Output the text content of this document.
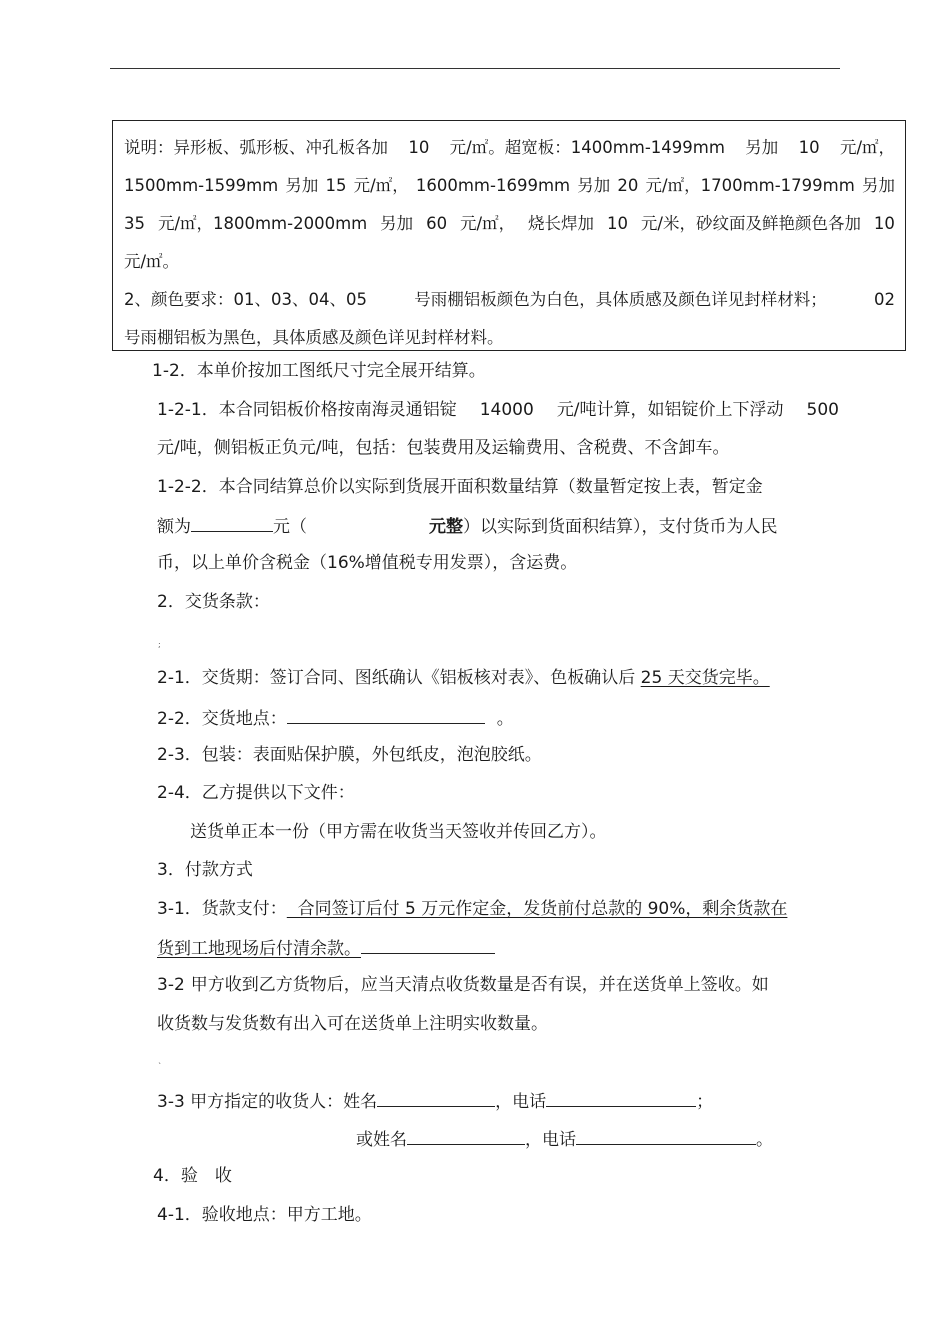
说明：异形板、弧形板、冲孔板各加 10 元/㎡。超宽板：1400mm-1499mm 另加 10 元/㎡，
1500mm-1599mm 另加 15 元/㎡， 1600mm-1699mm 另加 20 元/㎡，1700mm-1799mm 另加
35 元/㎡，1800mm-2000mm 另加 60 元/㎡， 烧长焊加 10 元/米，砂纹面及鲜艳颜色各加 10
元/㎡。
2、颜色要求：01、03、04、05	号雨棚铝板颜色为白色，具体质感及颜色详见封样材料；	02
号雨棚铝板为黑色，具体质感及颜色详见封样材料。
1-2．本单价按加工图纸尺寸完全展开结算。
1-2-1．本合同铝板价格按南海灵通铝锭 14000 元/吨计算，如铝锭价上下浮动 500
元/吨，侧铝板正负元/吨，包括：包装费用及运输费用、含税费、不含卸车。
1-2-2．本合同结算总价以实际到货展开面积数量结算（数量暂定按上表，暂定金
额为	元（	元整）以实际到货面积结算），支付货币为人民
币，以上单价含税金（16%增值税专用发票），含运费。
2．交货条款：
;
2-1．交货期：签订合同、图纸确认《铝板核对表》、色板确认后 25 天交货完毕。
2-2．交货地点：	。
2-3．包装：表面贴保护膜，外包纸皮，泡泡胶纸。
2-4．乙方提供以下文件：
送货单正本一份（甲方需在收货当天签收并传回乙方）。
3．付款方式
3-1．货款支付：  合同签订后付 5 万元作定金，发货前付总款的 90%，剩余货款在
货到工地现场后付清余款。
3-2 甲方收到乙方货物后，应当天清点收货数量是否有误，并在送货单上签收。如
收货数与发货数有出入可在送货单上注明实收数量。
`
3-3 甲方指定的收货人：姓名	，电话	；
或姓名	，电话	。
4．验　收
4-1．验收地点：甲方工地。
